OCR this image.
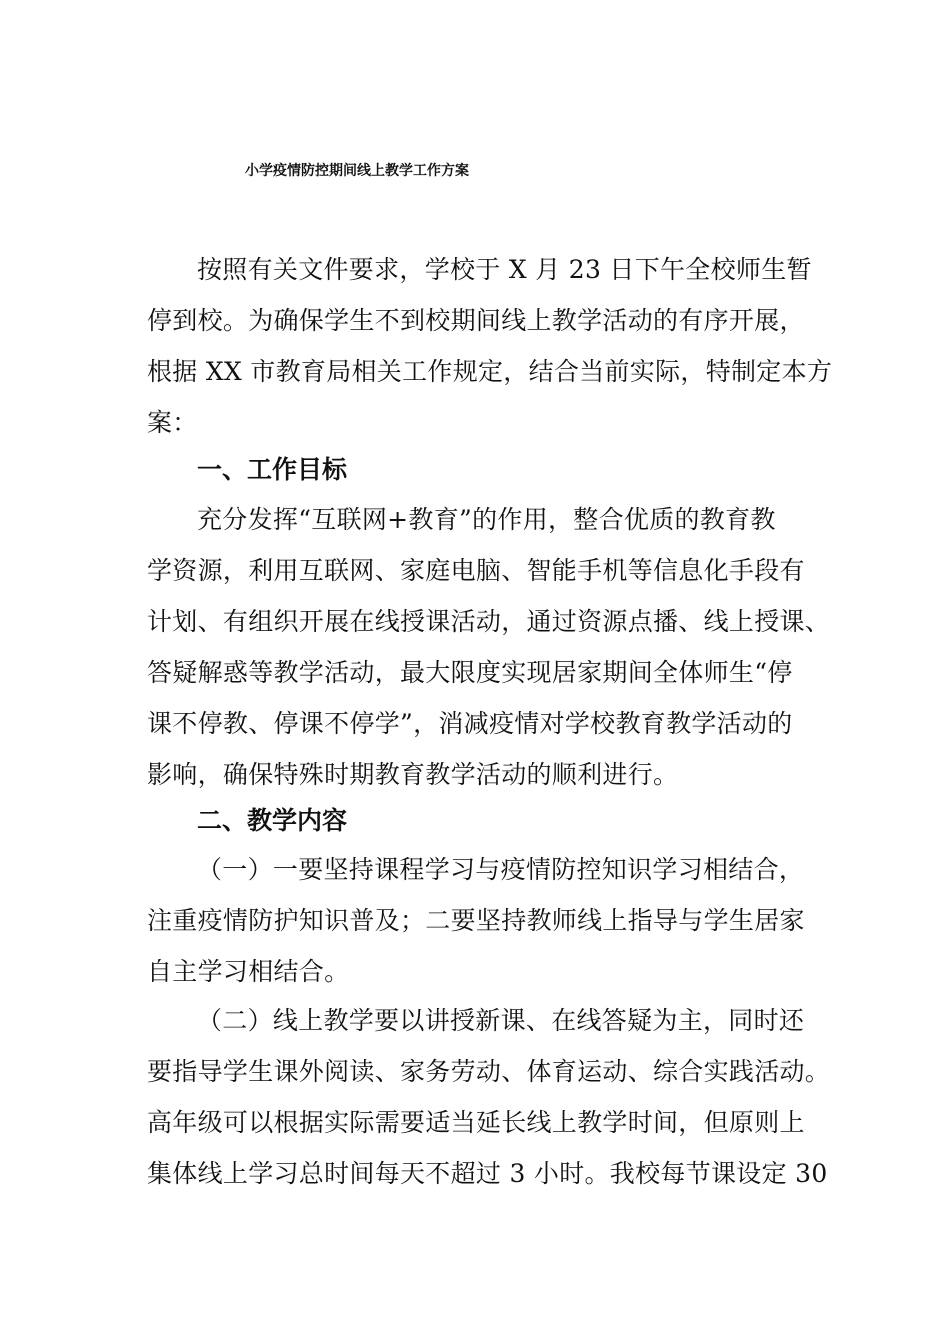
小学疫情防控期间线上教学工作方案
按照有关文件要求，学校于 X 月 23 日下午全校师生暂
停到校。为确保学生不到校期间线上教学活动的有序开展，
根据 XX 市教育局相关工作规定，结合当前实际，特制定本方
案：
一、工作目标
充分发挥“互联网+教育”的作用，整合优质的教育教
学资源，利用互联网、家庭电脑、智能手机等信息化手段有
计划、有组织开展在线授课活动，通过资源点播、线上授课、
答疑解惑等教学活动，最大限度实现居家期间全体师生“停
课不停教、停课不停学”，消减疫情对学校教育教学活动的
影响，确保特殊时期教育教学活动的顺利进行。
二、教学内容
（一）一要坚持课程学习与疫情防控知识学习相结合，
注重疫情防护知识普及；二要坚持教师线上指导与学生居家
自主学习相结合。
（二）线上教学要以讲授新课、在线答疑为主，同时还
要指导学生课外阅读、家务劳动、体育运动、综合实践活动。
高年级可以根据实际需要适当延长线上教学时间，但原则上
集体线上学习总时间每天不超过 3 小时。我校每节课设定 30
